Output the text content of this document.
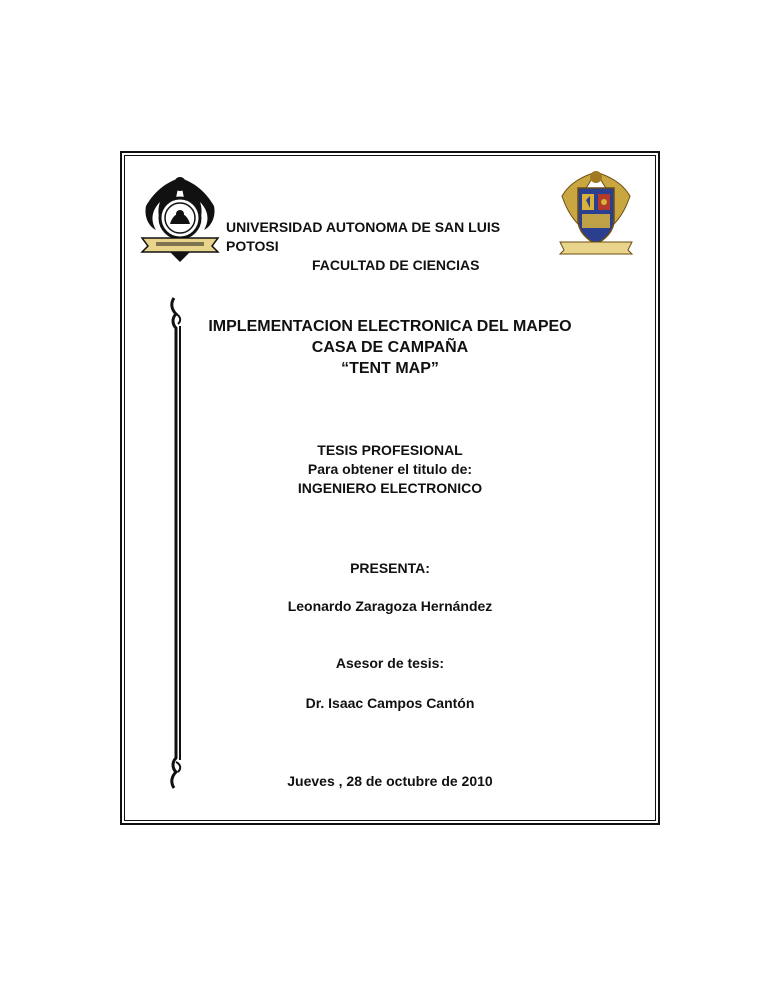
UNIVERSIDAD AUTONOMA DE SAN LUIS POTOSI
FACULTAD DE CIENCIAS
IMPLEMENTACION ELECTRONICA DEL MAPEO
CASA DE CAMPAÑA
“TENT MAP”
TESIS PROFESIONAL
Para obtener el titulo de:
INGENIERO ELECTRONICO
PRESENTA:
Leonardo Zaragoza Hernández
Asesor de tesis:
Dr. Isaac Campos Cantón
Jueves , 28 de octubre de 2010
